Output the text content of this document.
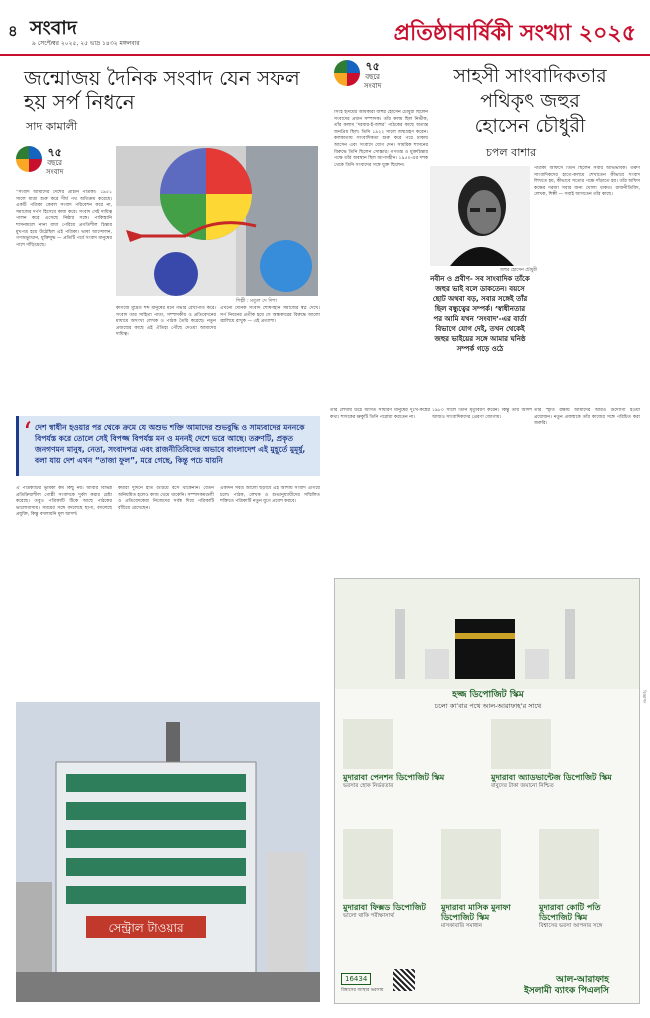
৪ সংবাদ
৯ সেপ্টেম্বর ২০২৫, ২৫ ভাদ্র ১৪৩২ মঙ্গলবার	প্রতিষ্ঠাবার্ষিকী সংখ্যা ২০২৫
জন্মোজয় দৈনিক সংবাদ যেন সফল হয় সর্প নিধনে
সাদ কামালী
৭৫
বছরে
সংবাদ
“সংবাদ আমাদের দেশের প্রাচীন পত্রিকা। ১৯৫১ সালে যাত্রা শুরু করে দীর্ঘ পথ অতিক্রম করেছে। একটি পত্রিকা কেবল সংবাদ পরিবেশন করে না, সমাজের দর্পণ হিসেবে কাজ করে। সংবাদ সেই দায়িত্ব পালন করে এসেছে নিষ্ঠার সঙ্গে। পাকিস্তানি শাসনামলে নানা বাধা পেরিয়ে প্রগতিশীল চিন্তার মুখপত্র হয়ে উঠেছিল এই পত্রিকা। ভাষা আন্দোলন, গণঅভ্যুত্থান, মুক্তিযুদ্ধ — প্রতিটি পর্বে সংবাদ মানুষের পাশে দাঁড়িয়েছে।
শিল্পী : মতুল দে দিশা
কাগজে মুদ্রিত শব্দ মানুষের মনে গভীর রেখাপাত করে। সংবাদ তার সাহিত্য পাতা, সম্পাদকীয় ও প্রতিবেদনের মাধ্যমে অসংখ্য লেখক ও পাঠক তৈরি করেছে। নতুন প্রজন্মের কাছে এই ঐতিহ্য পৌঁছে দেওয়া আমাদের দায়িত্ব।
এখনো দৈনিক সংবাদ শোষণহীন সমাজের স্বপ্ন দেখে। সর্প নিধনের প্রতীক হয়ে সে অন্ধকারের বিরুদ্ধে আলো জ্বালিয়ে রাখুক — এই প্রত্যাশা।
৭৫
বছরে
সংবাদ	সাহসী সাংবাদিকতার
পথিকৃৎ জহুর
হোসেন চৌধুরী
চপল বাশার
সিংহ হৃদয়ের অধিকারী জহুর হোসেন চৌধুরী ছিলেন সংবাদের প্রধান সম্পাদক। তাঁর কলম ছিল নির্ভীক, তাঁর কলাম ‘দরবার-ই-জহুর’ পাঠকের কাছে অত্যন্ত জনপ্রিয় ছিল। তিনি ১৯২২ সালে জন্মগ্রহণ করেন। কলকাতায় সাংবাদিকতা শুরু করে পরে ঢাকায় আসেন এবং সংবাদে যোগ দেন। সামরিক শাসনের বিরুদ্ধে তিনি ছিলেন সোচ্চার। গণতন্ত্র ও মুক্তচিন্তার পক্ষে তাঁর অবস্থান ছিল আপসহীন। ১৯৫০-এর দশক থেকে তিনি সংবাদের সঙ্গে যুক্ত ছিলেন।
জহুর হোসেন চৌধুরী
নবীন ও প্রবীণ- সব সাংবাদিক তাঁকে জহুর ভাই বলে ডাকতেন। বয়সে ছোট অথবা বড়, সবার সঙ্গেই তাঁর ছিল বন্ধুত্বের সম্পর্ক। ‘স্বাধীনতার পর আমি যখন ‘সংবাদ’-এর বার্তা বিভাগে যোগ দেই, তখন থেকেই জহুর ভাইয়ের সঙ্গে আমার ঘনিষ্ঠ সম্পর্ক গড়ে ওঠে
পত্রিকা অফিসে তিনি ছিলেন সবার অভিভাবক। তরুণ সাংবাদিকদের হাতে-কলমে শেখাতেন কীভাবে সংবাদ লিখতে হয়, কীভাবে সত্যের পক্ষে দাঁড়াতে হয়। তাঁর অফিস কক্ষের দরজা সবার জন্য খোলা থাকত। রাজনীতিবিদ, লেখক, শিল্পী — সবাই আসতেন তাঁর কাছে।
‘ দেশ স্বাধীন হওয়ার পর থেকে ক্রমে যে অশুভ শক্তি আমাদের শুভবুদ্ধি ও সাম্যবাদের মননকে বিপর্যস্ত করে তোলে সেই বিপজ্জ বিপর্যস্ত মন ও মননই দেশে ভরে আছে। তরুণটি, প্রকৃত জনগণমন মানুষ, নেতা, সংবাদপত্র এবং রাজনীতিবিদের অভাবে বাংলাদেশ এই মুহূর্তে মুমূর্ষু, বলা যায় দেশ এখন “তাজা ফুল”, মরে গেছে, কিন্তু পচে যায়নি
তাঁর লেখায় উঠে আসত সাধারণ মানুষের দুঃখ-কষ্টের কথা। শাসকের ভ্রুকুটি তিনি পরোয়া করতেন না।
১৯৮০ সালে তিনি মৃত্যুবরণ করেন। কিন্তু তাঁর আদর্শ আজও সাংবাদিকদের প্রেরণা জোগায়।
তাঁর স্মৃতি রক্ষায় আমাদের আরও উদ্যোগী হওয়া প্রয়োজন। নতুন প্রজন্মকে তাঁর কাজের সঙ্গে পরিচিত করা জরুরি।
ঐ পত্রিকাটির ভূমিকা কম কিছু নয়। আবার বিভিন্ন প্রতিক্রিয়াশীল গোষ্ঠী সংবাদকে দুর্বল করার চেষ্টা করেছে। তবুও পত্রিকাটি টিকে আছে পাঠকের ভালোবাসায়। সময়ের সঙ্গে বদলেছে ছাপা, বদলেছে প্রযুক্তি, কিন্তু বদলায়নি মূল আদর্শ।
কর্মীরা দুর্দিনে হাত গুটিয়ে বসে থাকেননি। বেতন অনিয়মিত হলেও কাজ থেমে থাকেনি। সম্পাদকমণ্ডলী ও প্রতিবেদকেরা নিজেদের সর্বস্ব দিয়ে পত্রিকাটি বাঁচিয়ে রেখেছেন।
একদিন সর্বত্র আলো ছড়াবে এই আশায় সংবাদ এগিয়ে চলে। পাঠক, লেখক ও শুভানুধ্যায়ীদের সম্মিলিত শক্তিতে পত্রিকাটি নতুন যুগে প্রবেশ করবে।
সেন্ট্রাল টাওয়ার
হজ্জ ডিপোজিট স্কিম
চলো কা’বার পথে আল-আরাফাহ’র সাথে
মুদারাবা পেনশন ডিপোজিট স্কিম
ভরসার হোক নির্ভরতার
মুদারাবা অ্যাডভান্টেজ ডিপোজিট স্কিম
বাবুদের টাকা জমানো নিশ্চিত
মুদারাবা ফিক্সড ডিপোজিট
ভালো থাকি পরীক্ষাসার্থ
মুদারাবা মাসিক মুনাফা ডিপোজিট স্কিম
মাসকাবারি সমাধান
মুদারাবা কোটি পতি ডিপোজিট স্কিম
বিশ্বাসের ভরসা আপনার সঙ্গে
16434
বিশ্বাসের আস্থার ভরসায়
আল-আরাফাহ
ইসলামী ব্যাংক পিএলসি
বিজ্ঞাপন
